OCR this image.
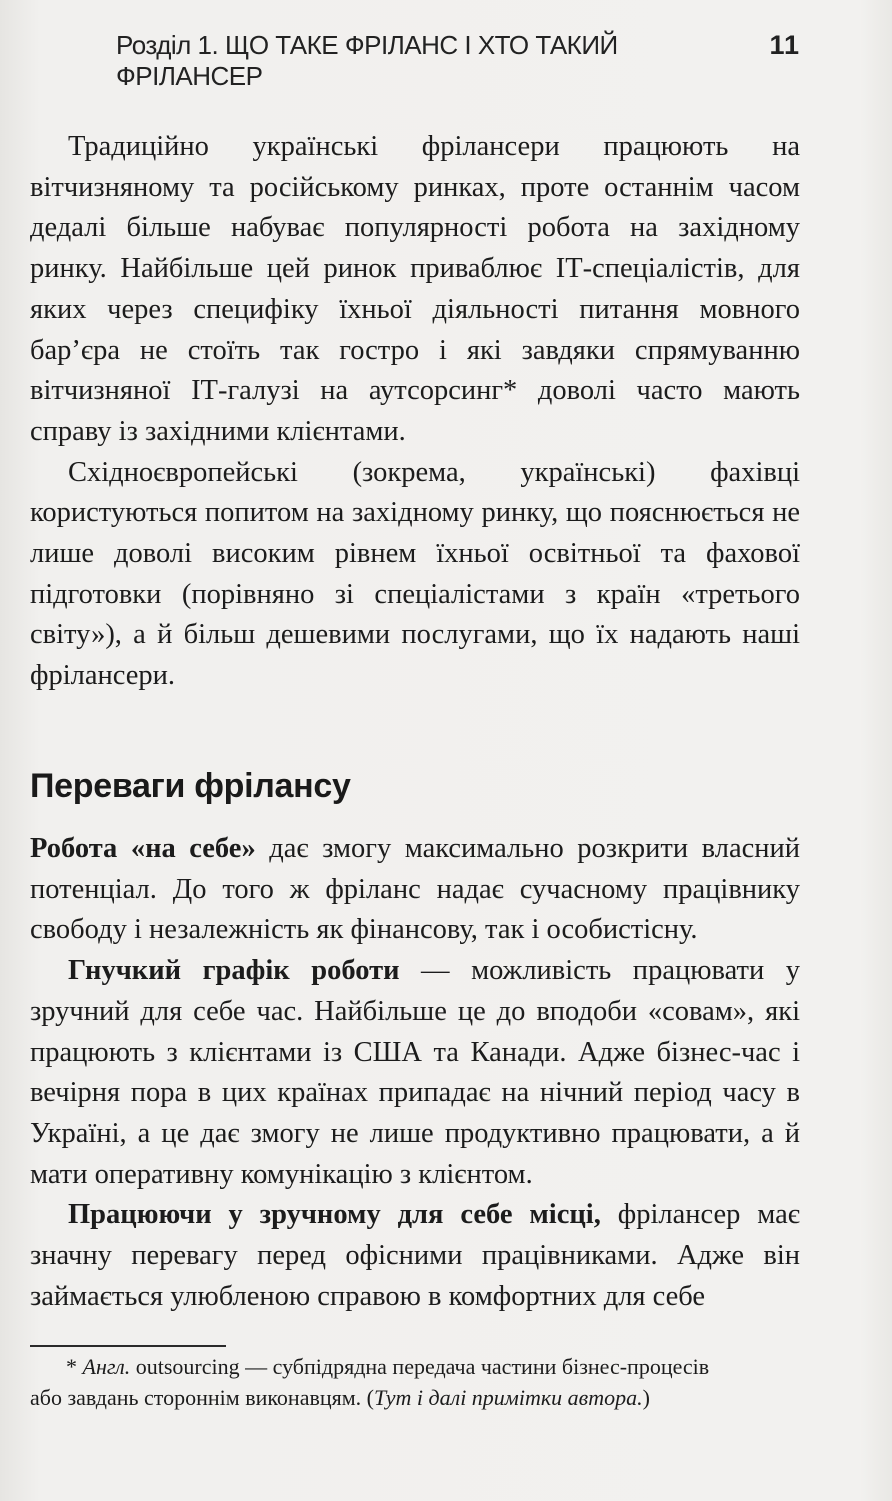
Розділ 1. ЩО ТАКЕ ФРІЛАНС І ХТО ТАКИЙ ФРІЛАНСЕР
11

Традиційно українські фрілансери працюють на вітчизняному та російському ринках, проте останнім часом дедалі більше набуває популярності робота на західному ринку. Найбільше цей ринок приваблює ІТ-спеціалістів, для яких через специфіку їхньої діяльності питання мовного бар’єра не стоїть так гостро і які завдяки спрямуванню вітчизняної ІТ-галузі на аутсорсинг* доволі часто мають справу із західними клієнтами.

Східноєвропейські (зокрема, українські) фахівці користуються попитом на західному ринку, що пояснюється не лише доволі високим рівнем їхньої освітньої та фахової підготовки (порівняно зі спеціалістами з країн «третього світу»), а й більш дешевими послугами, що їх надають наші фрілансери.

Переваги фрілансу

Робота «на себе» дає змогу максимально розкрити власний потенціал. До того ж фріланс надає сучасному працівнику свободу і незалежність як фінансову, так і особистісну.

Гнучкий графік роботи — можливість працювати у зручний для себе час. Найбільше це до вподоби «совам», які працюють з клієнтами із США та Канади. Адже бізнес-час і вечірня пора в цих країнах припадає на нічний період часу в Україні, а це дає змогу не лише продуктивно працювати, а й мати оперативну комунікацію з клієнтом.

Працюючи у зручному для себе місці, фрілансер має значну перевагу перед офісними працівниками. Адже він займається улюбленою справою в комфортних для себе

* Англ. outsourcing — субпідрядна передача частини бізнес-процесів
або завдань стороннім виконавцям. (Тут і далі примітки автора.)
